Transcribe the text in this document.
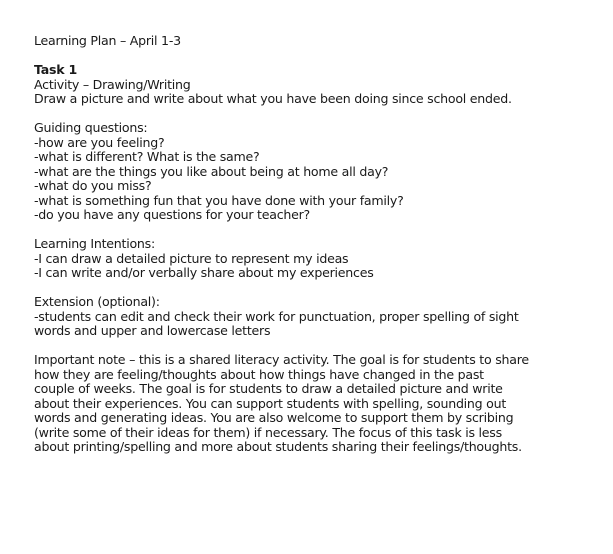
Learning Plan – April 1-3
Task 1
Activity – Drawing/Writing
Draw a picture and write about what you have been doing since school ended.
Guiding questions:
-how are you feeling?
-what is different? What is the same?
-what are the things you like about being at home all day?
-what do you miss?
-what is something fun that you have done with your family?
-do you have any questions for your teacher?
Learning Intentions:
-I can draw a detailed picture to represent my ideas
-I can write and/or verbally share about my experiences
Extension (optional):
-students can edit and check their work for punctuation, proper spelling of sight
words and upper and lowercase letters
Important note – this is a shared literacy activity. The goal is for students to share
how they are feeling/thoughts about how things have changed in the past
couple of weeks. The goal is for students to draw a detailed picture and write
about their experiences. You can support students with spelling, sounding out
words and generating ideas. You are also welcome to support them by scribing
(write some of their ideas for them) if necessary. The focus of this task is less
about printing/spelling and more about students sharing their feelings/thoughts.
